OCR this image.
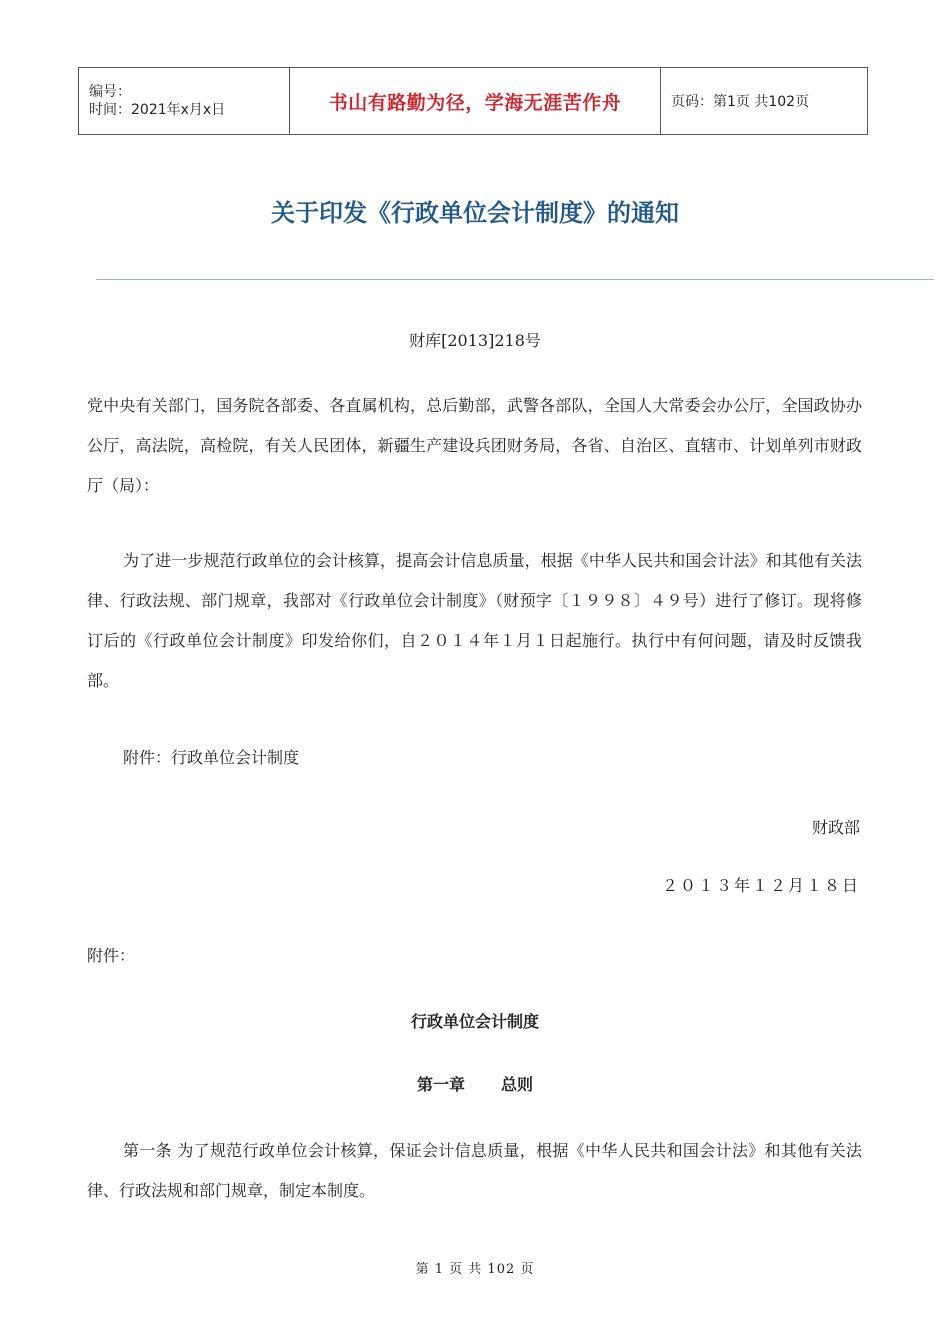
编号：
时间：2021年x月x日	书山有路勤为径，学海无涯苦作舟	页码：第1页 共102页
关于印发《行政单位会计制度》的通知
财库[2013]218号

党中央有关部门，国务院各部委、各直属机构，总后勤部，武警各部队，全国人大常委会办公厅，全国政协办公厅，高法院，高检院，有关人民团体，新疆生产建设兵团财务局，各省、自治区、直辖市、计划单列市财政厅（局）：

为了进一步规范行政单位的会计核算，提高会计信息质量，根据《中华人民共和国会计法》和其他有关法律、行政法规、部门规章，我部对《行政单位会计制度》（财预字〔１９９８〕４９号）进行了修订。现将修订后的《行政单位会计制度》印发给你们，自２０１４年１月１日起施行。执行中有何问题，请及时反馈我部。

附件：行政单位会计制度

财政部

２０１３年１２月１８日

附件：

行政单位会计制度
第一章 总则

第一条 为了规范行政单位会计核算，保证会计信息质量，根据《中华人民共和国会计法》和其他有关法律、行政法规和部门规章，制定本制度。

第 1 页 共 102 页
